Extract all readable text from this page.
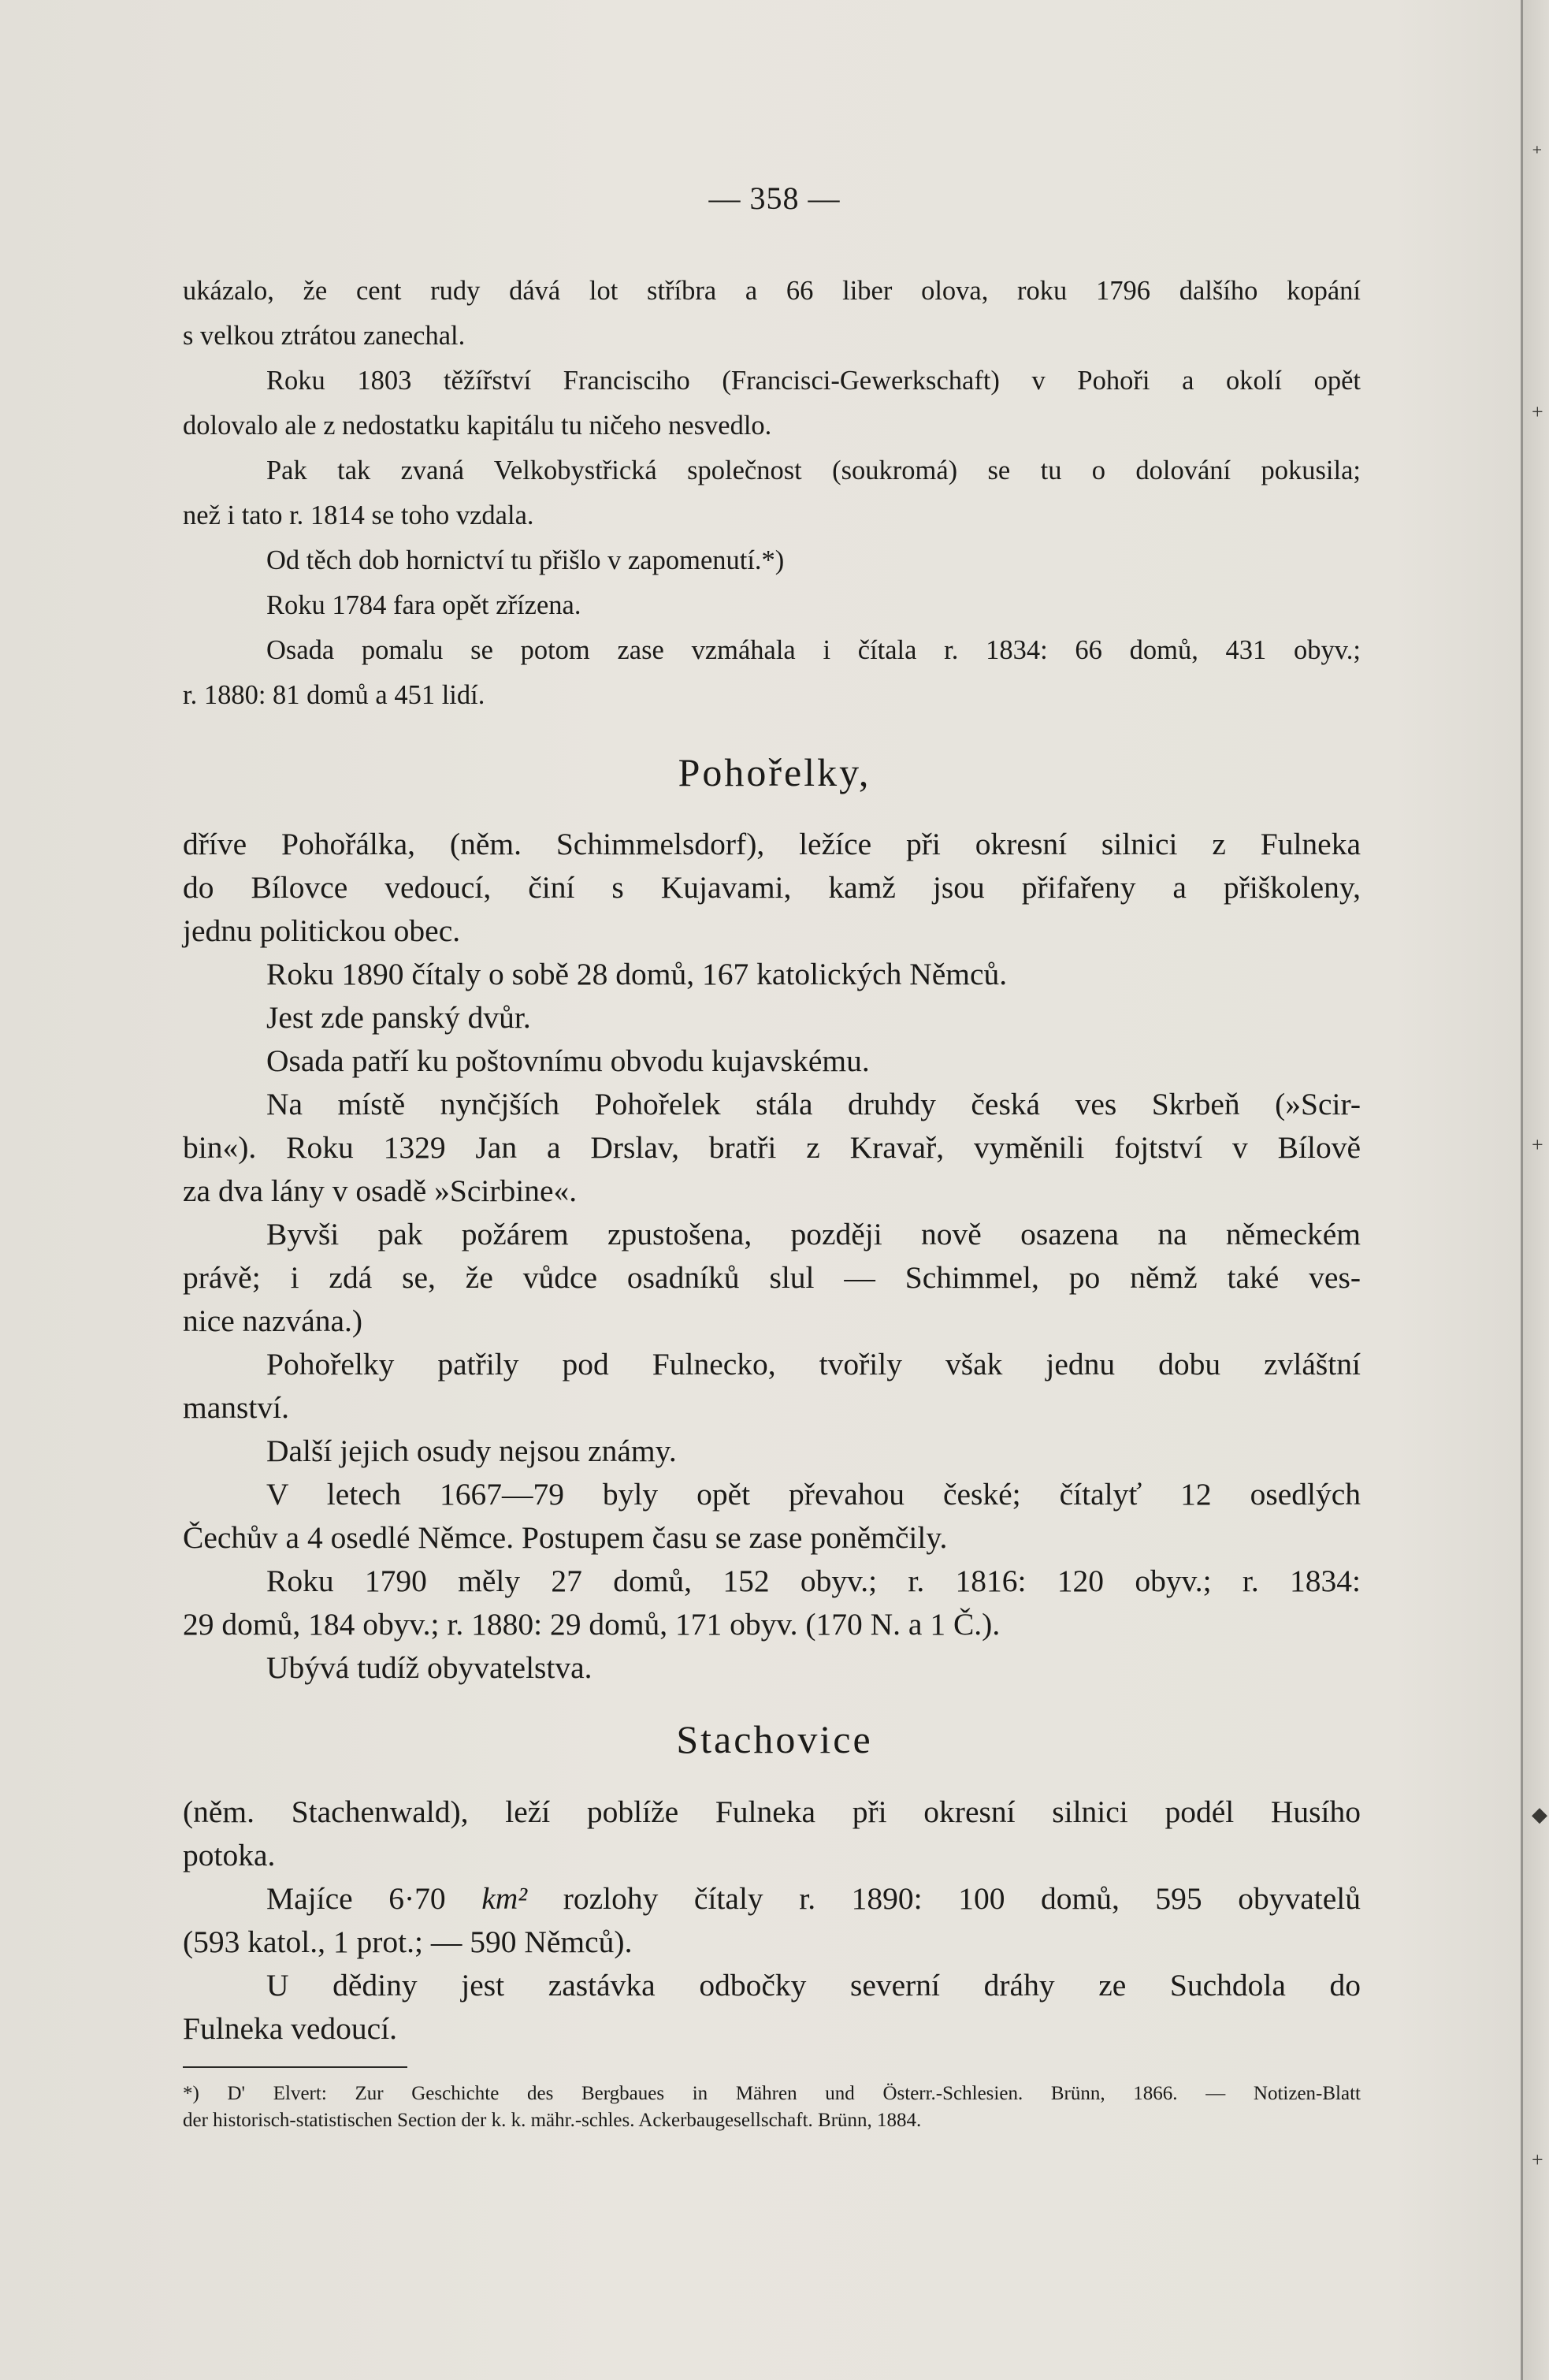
⁺
+
+
◆
+
— 358 —
ukázalo, že cent rudy dává lot stříbra a 66 liber olova, roku 1796 dalšího kopání
s velkou ztrátou zanechal.
Roku 1803 těžířství Francisciho (Francisci-Gewerkschaft) v Pohoři a okolí opět
dolovalo ale z nedostatku kapitálu tu ničeho nesvedlo.
Pak tak zvaná Velkobystřická společnost (soukromá) se tu o dolování pokusila;
než i tato r. 1814 se toho vzdala.
Od těch dob hornictví tu přišlo v zapomenutí.*)
Roku 1784 fara opět zřízena.
Osada pomalu se potom zase vzmáhala i čítala r. 1834: 66 domů, 431 obyv.;
r. 1880: 81 domů a 451 lidí.
Pohořelky,
dříve Pohořálka, (něm. Schimmelsdorf), ležíce při okresní silnici z Fulneka
do Bílovce vedoucí, činí s Kujavami, kamž jsou přifařeny a přiškoleny,
jednu politickou obec.
Roku 1890 čítaly o sobě 28 domů, 167 katolických Němců.
Jest zde panský dvůr.
Osada patří ku poštovnímu obvodu kujavskému.
Na místě nynčjších Pohořelek stála druhdy česká ves Skrbeň (»Scir-
bin«). Roku 1329 Jan a Drslav, bratři z Kravař, vyměnili fojtství v Bílově
za dva lány v osadě »Scirbine«.
Byvši pak požárem zpustošena, později nově osazena na německém
právě; i zdá se, že vůdce osadníků slul — Schimmel, po němž také ves-
nice nazvána.)
Pohořelky patřily pod Fulnecko, tvořily však jednu dobu zvláštní
manství.
Další jejich osudy nejsou známy.
V letech 1667—79 byly opět převahou české; čítalyť 12 osedlých
Čechův a 4 osedlé Němce. Postupem času se zase poněmčily.
Roku 1790 měly 27 domů, 152 obyv.; r. 1816: 120 obyv.; r. 1834:
29 domů, 184 obyv.; r. 1880: 29 domů, 171 obyv. (170 N. a 1 Č.).
Ubývá tudíž obyvatelstva.
Stachovice
(něm. Stachenwald), leží poblíže Fulneka při okresní silnici podél Husího
potoka.
Majíce 6·70 km² rozlohy čítaly r. 1890: 100 domů, 595 obyvatelů
(593 katol., 1 prot.; — 590 Němců).
U dědiny jest zastávka odbočky severní dráhy ze Suchdola do
Fulneka vedoucí.
*) D' Elvert: Zur Geschichte des Bergbaues in Mähren und Österr.-Schlesien. Brünn, 1866. — Notizen-Blatt
der historisch-statistischen Section der k. k. mähr.-schles. Ackerbaugesellschaft. Brünn, 1884.
